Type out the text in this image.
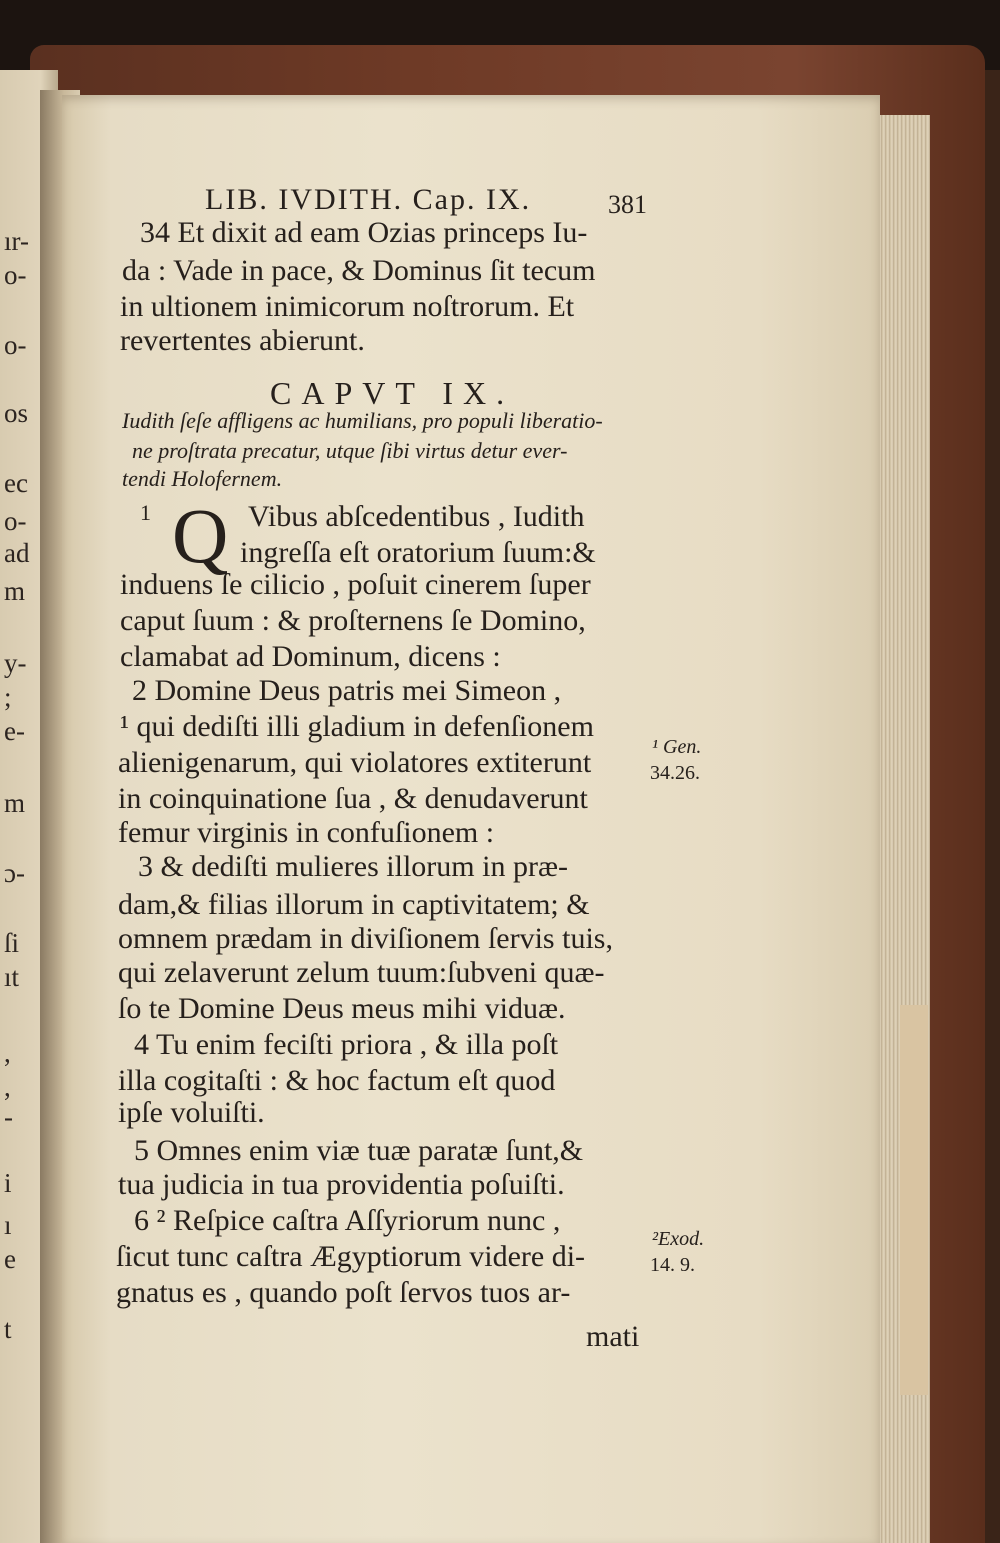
ır-
o-
o-
os
ec
o-
ad
m
y-
;
e-
m
ɔ-
ſi
ıt
,
,
-
i
ı
e
t
LIB. IVDITH. Cap. IX.	381
34 Et dixit ad eam Ozias princeps Iu-
da : Vade in pace, & Dominus ſit tecum
in ultionem inimicorum noſtrorum. Et
revertentes abierunt.
CAPVT IX.
Iudith ſeſe affligens ac humilians, pro populi liberatio-
ne proſtrata precatur, utque ſibi virtus detur ever-
tendi Holofernem.
1 Q Vibus abſcedentibus , Iudith
ingreſſa eſt oratorium ſuum:&
induens ſe cilicio , poſuit cinerem ſuper
caput ſuum : & proſternens ſe Domino,
clamabat ad Dominum, dicens :
2 Domine Deus patris mei Simeon ,
¹ qui dediſti illi gladium in defenſionem
alienigenarum, qui violatores extiterunt
in coinquinatione ſua , & denudaverunt
femur virginis in confuſionem :
3 & dediſti mulieres illorum in præ-
dam,& filias illorum in captivitatem; &
omnem prædam in diviſionem ſervis tuis,
qui zelaverunt zelum tuum:ſubveni quæ-
ſo te Domine Deus meus mihi viduæ.
4 Tu enim feciſti priora , & illa poſt
illa cogitaſti : & hoc factum eſt quod
ipſe voluiſti.
5 Omnes enim viæ tuæ paratæ ſunt,&
tua judicia in tua providentia poſuiſti.
6 ² Reſpice caſtra Aſſyriorum nunc ,
ſicut tunc caſtra Ægyptiorum videre di-
gnatus es , quando poſt ſervos tuos ar-
mati
¹ Gen.
34.26.
²Exod.
14. 9.
